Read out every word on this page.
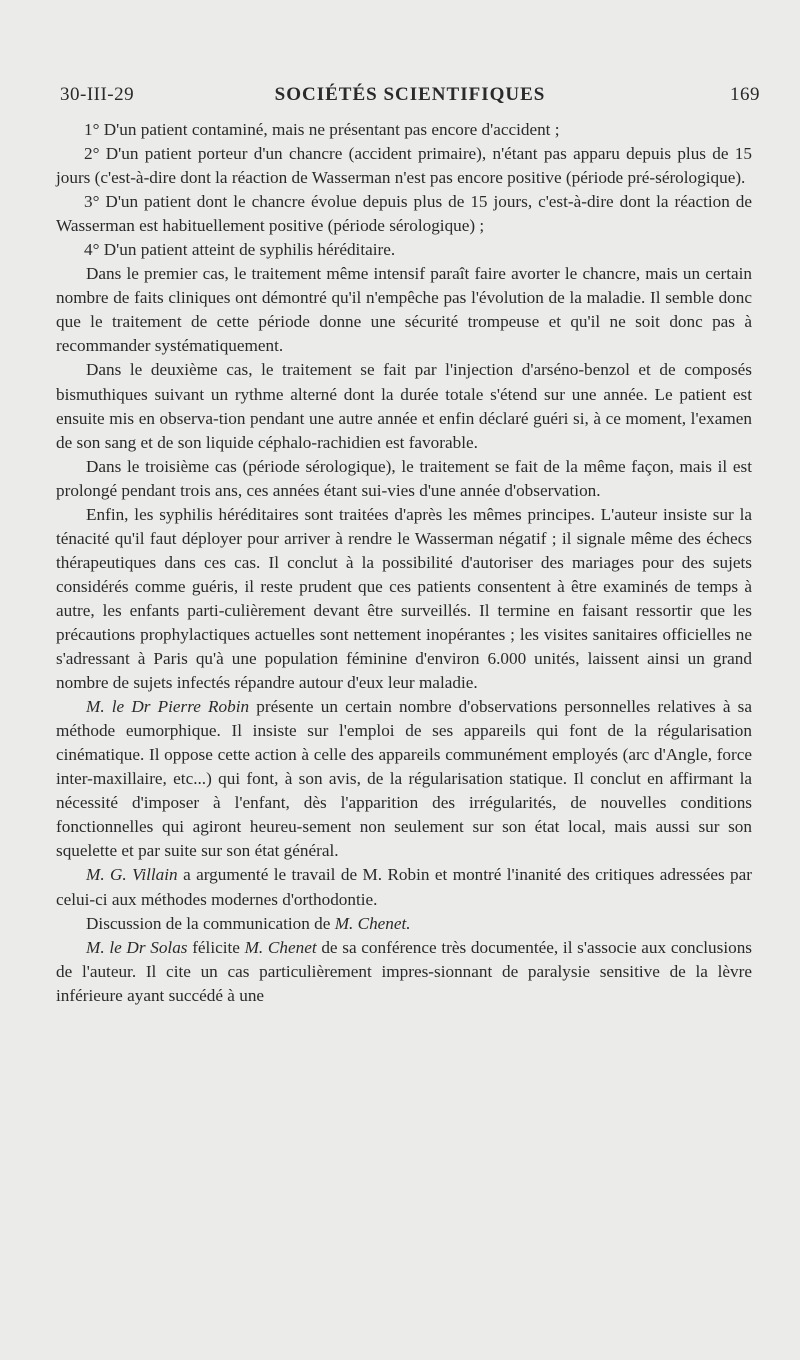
30-III-29	SOCIÉTÉS SCIENTIFIQUES	169

1° D'un patient contaminé, mais ne présentant pas encore d'accident ;

2° D'un patient porteur d'un chancre (accident primaire), n'étant pas apparu depuis plus de 15 jours (c'est-à-dire dont la réaction de Wasserman n'est pas encore positive (période pré-sérologique).

3° D'un patient dont le chancre évolue depuis plus de 15 jours, c'est-à-dire dont la réaction de Wasserman est habituellement positive (période sérologique) ;

4° D'un patient atteint de syphilis héréditaire.

Dans le premier cas, le traitement même intensif paraît faire avorter le chancre, mais un certain nombre de faits cliniques ont démontré qu'il n'empêche pas l'évolution de la maladie. Il semble donc que le traitement de cette période donne une sécurité trompeuse et qu'il ne soit donc pas à recommander systématiquement.

Dans le deuxième cas, le traitement se fait par l'injection d'arséno-benzol et de composés bismuthiques suivant un rythme alterné dont la durée totale s'étend sur une année. Le patient est ensuite mis en observa-tion pendant une autre année et enfin déclaré guéri si, à ce moment, l'examen de son sang et de son liquide céphalo-rachidien est favorable.

Dans le troisième cas (période sérologique), le traitement se fait de la même façon, mais il est prolongé pendant trois ans, ces années étant sui-vies d'une année d'observation.

Enfin, les syphilis héréditaires sont traitées d'après les mêmes principes. L'auteur insiste sur la ténacité qu'il faut déployer pour arriver à rendre le Wasserman négatif ; il signale même des échecs thérapeutiques dans ces cas. Il conclut à la possibilité d'autoriser des mariages pour des sujets considérés comme guéris, il reste prudent que ces patients consentent à être examinés de temps à autre, les enfants parti-culièrement devant être surveillés. Il termine en faisant ressortir que les précautions prophylactiques actuelles sont nettement inopérantes ; les visites sanitaires officielles ne s'adressant à Paris qu'à une population féminine d'environ 6.000 unités, laissent ainsi un grand nombre de sujets infectés répandre autour d'eux leur maladie.

M. le Dr Pierre Robin présente un certain nombre d'observations personnelles relatives à sa méthode eumorphique. Il insiste sur l'emploi de ses appareils qui font de la régularisation cinématique. Il oppose cette action à celle des appareils communément employés (arc d'Angle, force inter-maxillaire, etc...) qui font, à son avis, de la régularisation statique. Il conclut en affirmant la nécessité d'imposer à l'enfant, dès l'apparition des irrégularités, de nouvelles conditions fonctionnelles qui agiront heureu-sement non seulement sur son état local, mais aussi sur son squelette et par suite sur son état général.

M. G. Villain a argumenté le travail de M. Robin et montré l'inanité des critiques adressées par celui-ci aux méthodes modernes d'orthodontie.

Discussion de la communication de M. Chenet.

M. le Dr Solas félicite M. Chenet de sa conférence très documentée, il s'associe aux conclusions de l'auteur. Il cite un cas particulièrement impres-sionnant de paralysie sensitive de la lèvre inférieure ayant succédé à une
